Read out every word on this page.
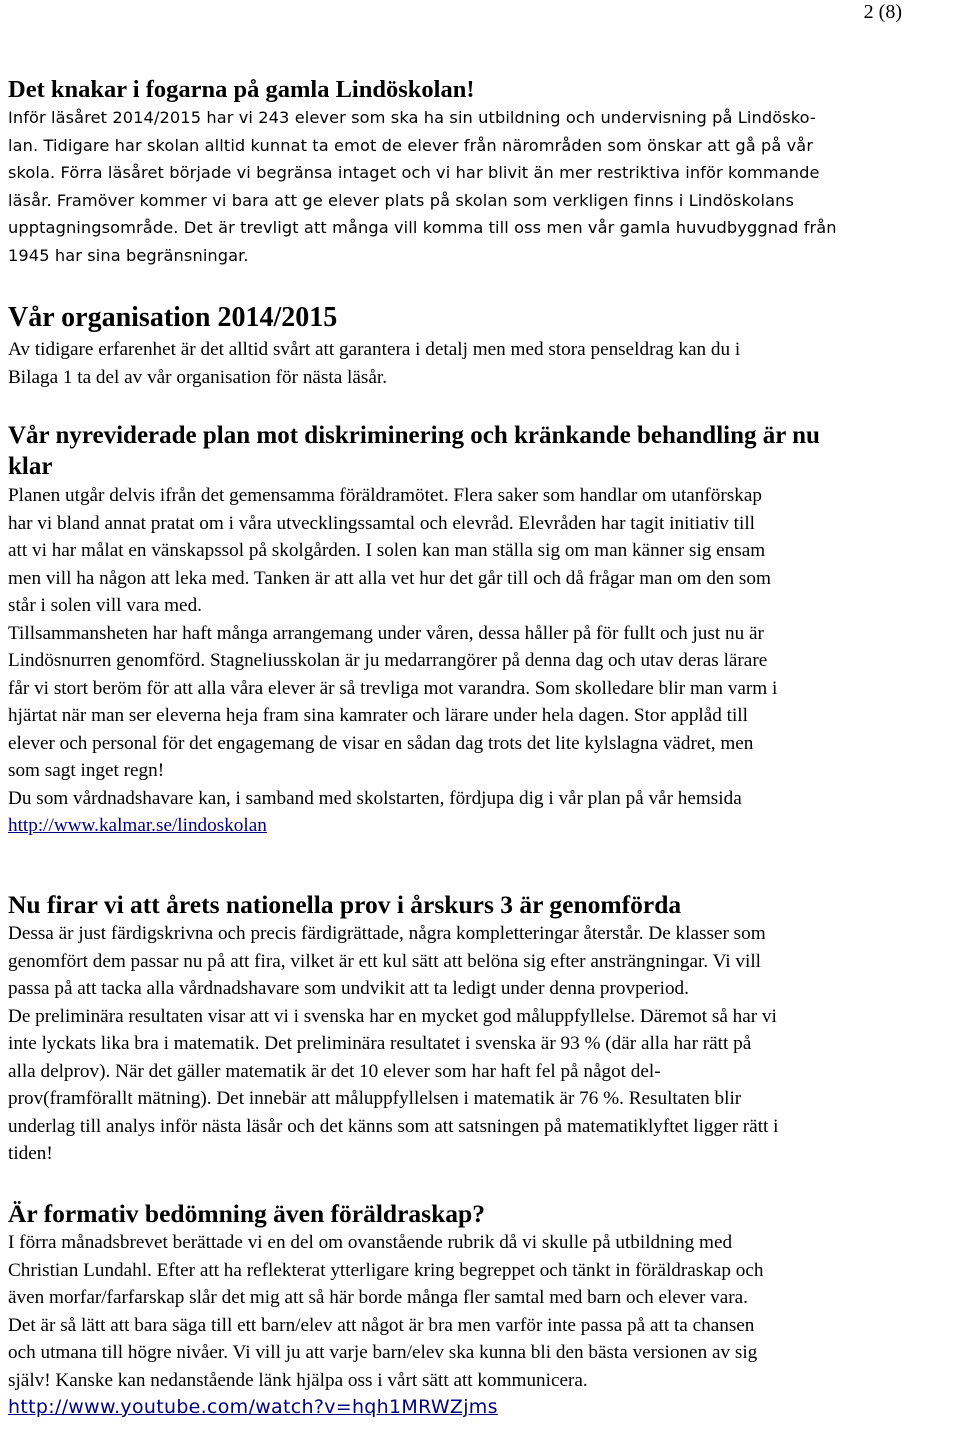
2 (8)
Det knakar i fogarna på gamla Lindöskolan!

Inför läsåret 2014/2015 har vi 243 elever som ska ha sin utbildning och undervisning på Lindösko-
lan. Tidigare har skolan alltid kunnat ta emot de elever från närområden som önskar att gå på vår
skola. Förra läsåret började vi begränsa intaget och vi har blivit än mer restriktiva inför kommande
läsår. Framöver kommer vi bara att ge elever plats på skolan som verkligen finns i Lindöskolans
upptagningsområde. Det är trevligt att många vill komma till oss men vår gamla huvudbyggnad från
1945 har sina begränsningar.

Vår organisation 2014/2015

Av tidigare erfarenhet är det alltid svårt att garantera i detalj men med stora penseldrag kan du i
Bilaga 1 ta del av vår organisation för nästa läsår.

Vår nyreviderade plan mot diskriminering och kränkande behandling är nu
klar

Planen utgår delvis ifrån det gemensamma föräldramötet. Flera saker som handlar om utanförskap
har vi bland annat pratat om i våra utvecklingssamtal och elevråd. Elevråden har tagit initiativ till
att vi har målat en vänskapssol på skolgården. I solen kan man ställa sig om man känner sig ensam
men vill ha någon att leka med. Tanken är att alla vet hur det går till och då frågar man om den som
står i solen vill vara med.
Tillsammansheten har haft många arrangemang under våren, dessa håller på för fullt och just nu är
Lindösnurren genomförd. Stagneliusskolan är ju medarrangörer på denna dag och utav deras lärare
får vi stort beröm för att alla våra elever är så trevliga mot varandra. Som skolledare blir man varm i
hjärtat när man ser eleverna heja fram sina kamrater och lärare under hela dagen. Stor applåd till
elever och personal för det engagemang de visar en sådan dag trots det lite kylslagna vädret, men
som sagt inget regn!
Du som vårdnadshavare kan, i samband med skolstarten, fördjupa dig i vår plan på vår hemsida
http://www.kalmar.se/lindoskolan

Nu firar vi att årets nationella prov i årskurs 3 är genomförda

Dessa är just färdigskrivna och precis färdigrättade, några kompletteringar återstår. De klasser som
genomfört dem passar nu på att fira, vilket är ett kul sätt att belöna sig efter ansträngningar. Vi vill
passa på att tacka alla vårdnadshavare som undvikit att ta ledigt under denna provperiod.
De preliminära resultaten visar att vi i svenska har en mycket god måluppfyllelse. Däremot så har vi
inte lyckats lika bra i matematik. Det preliminära resultatet i svenska är 93 % (där alla har rätt på
alla delprov). När det gäller matematik är det 10 elever som har haft fel på något del-
prov(framförallt mätning). Det innebär att måluppfyllelsen i matematik är 76 %. Resultaten blir
underlag till analys inför nästa läsår och det känns som att satsningen på matematiklyftet ligger rätt i
tiden!

Är formativ bedömning även föräldraskap?

I förra månadsbrevet berättade vi en del om ovanstående rubrik då vi skulle på utbildning med
Christian Lundahl. Efter att ha reflekterat ytterligare kring begreppet och tänkt in föräldraskap och
även morfar/farfarskap slår det mig att så här borde många fler samtal med barn och elever vara.
Det är så lätt att bara säga till ett barn/elev att något är bra men varför inte passa på att ta chansen
och utmana till högre nivåer. Vi vill ju att varje barn/elev ska kunna bli den bästa versionen av sig
själv! Kanske kan nedanstående länk hjälpa oss i vårt sätt att kommunicera.
http://www.youtube.com/watch?v=hqh1MRWZjms
